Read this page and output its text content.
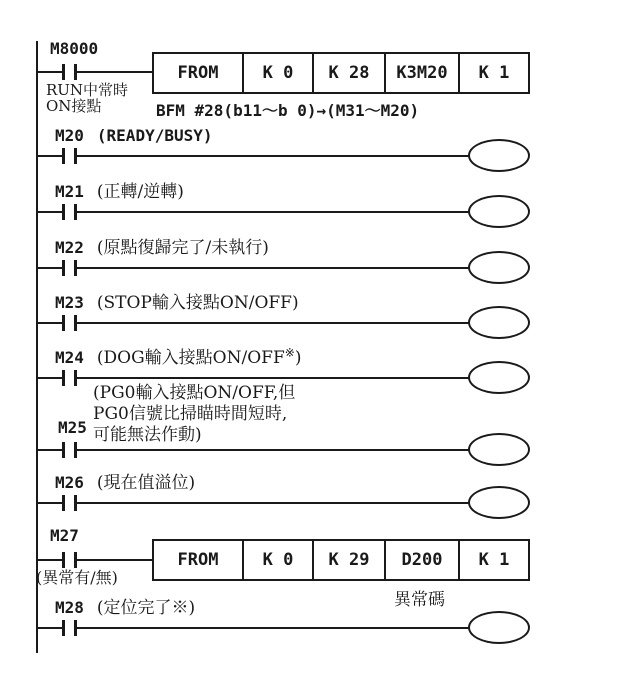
M8000
RUN中常時
ON接點
FROM	K 0	K 28	K3M20	K 1
BFM #28(b11〜b 0)→(M31〜M20)
M20 (READY/BUSY)
M21 (正轉/逆轉)
M22 (原點復歸完了/未執行)
M23 (STOP輸入接點ON/OFF)
M24 (DOG輸入接點ON/OFF※)
(PG0輸入接點ON/OFF,但
PG0信號比掃瞄時間短時,
可能無法作動)
M25
M26 (現在值溢位)
M27
(異常有/無)
FROM	K 0	K 29	D200	K 1
異常碼
M28 (定位完了※)
